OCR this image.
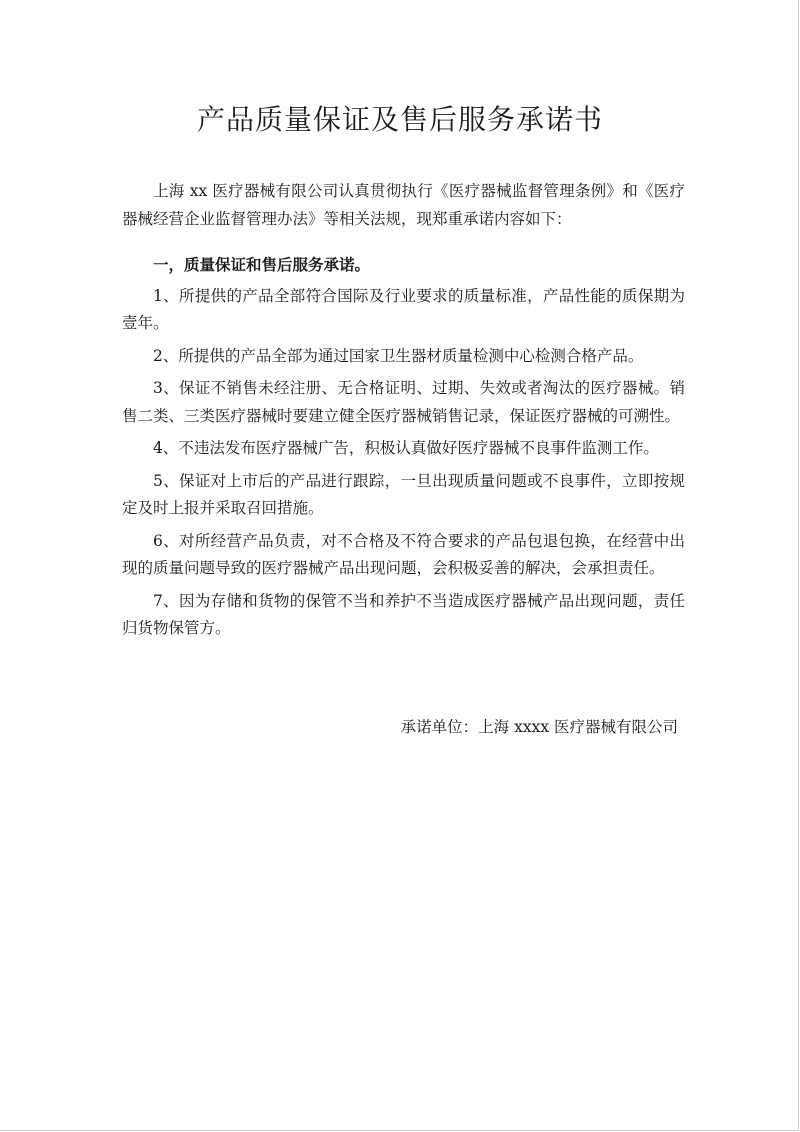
产品质量保证及售后服务承诺书

上海 xx 医疗器械有限公司认真贯彻执行《医疗器械监督管理条例》和《医疗器械经营企业监督管理办法》等相关法规，现郑重承诺内容如下：

一，质量保证和售后服务承诺。

1、所提供的产品全部符合国际及行业要求的质量标准，产品性能的质保期为壹年。

2、所提供的产品全部为通过国家卫生器材质量检测中心检测合格产品。

3、保证不销售未经注册、无合格证明、过期、失效或者淘汰的医疗器械。销售二类、三类医疗器械时要建立健全医疗器械销售记录，保证医疗器械的可溯性。

4、不违法发布医疗器械广告，积极认真做好医疗器械不良事件监测工作。

5、保证对上市后的产品进行跟踪，一旦出现质量问题或不良事件，立即按规定及时上报并采取召回措施。

6、对所经营产品负责，对不合格及不符合要求的产品包退包换，在经营中出现的质量问题导致的医疗器械产品出现问题，会积极妥善的解决，会承担责任。

7、因为存储和货物的保管不当和养护不当造成医疗器械产品出现问题，责任归货物保管方。

承诺单位：上海 xxxx 医疗器械有限公司
